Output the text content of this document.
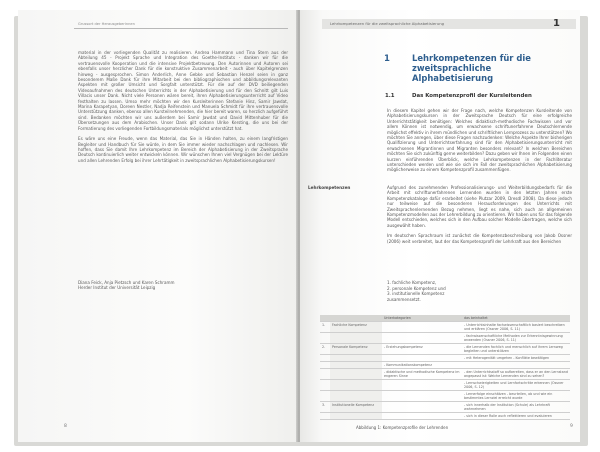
Grussort der Herausgeberinnen

material in der vorliegenden Qualität zu realisieren. Andrea Hammann und Tina Stern aus der Abteilung 45 - Projekt Sprache und Integration des Goethe-Instituts - danken wir für die vertrauensvolle Kooperation und die intensive Projektbetreuung. Den Autorinnen und Autoren sei ebenfalls unser herzlicher Dank für die konstruktive Zusammenarbeit - auch über Kapitelgrenzen hinweg - ausgesprochen. Simon Anderlich, Anne Gebke und Sebastian Henzel seien in ganz besonderem Maße Dank für ihre Mitarbeit bei den bibliographischen und abbildungsrelevanten Aspekten mit großer Umsicht und Sorgfalt unterstützt. Für die auf der DVD beiliegenden Videoaufnahmen des deutschen Unterrichts in der Alphabetisierung und für den Schnitt gilt Luis Villacis unser Dank. Nicht viele Personen wären bereit, ihren Alphabetisierungsunterricht auf Video festhalten zu lassen. Umso mehr möchten wir den Kursleiterinnen Stefanie Hinz, Samir Jawdat, Marina Karapetyan, Doreen Nestler, Nadja Reifenstein und Manuela Schmidt für ihre vertrauensvolle Unterstützung danken, ebenso allen Kursteilnehmenden, die hier bereit waren, so herzlich aufgeführt sind. Bedanken möchten wir uns außerdem bei Samir Jawdat und David Mittenhuber für die Übersetzungen aus dem Arabischen. Unser Dank gilt sodann Ulrike Kersting, die uns bei der Formatierung des vorliegenden Fortbildungsmaterials möglichst unterstützt hat.

Es wäre uns eine Freude, wenn das Material, das Sie in Händen halten, zu einem langfristigen Begleiter und Handbuch für Sie würde, in dem Sie immer wieder nachschlagen und nachlesen. Wir hoffen, dass Sie damit Ihre Lehrkompetenz im Bereich der Alphabetisierung in der Zweitsprache Deutsch kontinuierlich weiter entwickeln können. Wir wünschen Ihnen viel Vergnügen bei der Lektüre und allen Lehrenden Erfolg bei ihrer Lehrtätigkeit in zweitsprachlichen Alphabetisierungskursen!

Diana Feick, Anja Pietzsch und Karen Schramm
Herder Institut der Universität Leipzig
8
Lehrkompetenzen für die zweitsprachliche Alphabetisierung	1
1	Lehrkompetenzen für die zweitsprachliche Alphabetisierung
1.1	Das Kompetenzprofil der Kursleitenden

In diesem Kapitel gehen wir der Frage nach, welche Kompetenzen Kursleitende von Alphabetisierungskursen in der Zweitsprache Deutsch für eine erfolgreiche Unterrichtstätigkeit benötigen: Welches didaktisch-methodische Fachwissen und vor allem Können ist notwendig, um erwachsene schriftunerfahrene Deutschlernende möglichst effektiv in ihrem mündlichen und schriftlichen Lernprozess zu unterstützen? Wo möchten Sie anregen, über diese Fragen nachzudenken: Welche Aspekte Ihrer bisherigen Qualifizierung und Unterrichtserfahrung sind für den Alphabetisierungsunterricht mit erwachsenen Migrantinnen und Migranten besonders relevant? In welchen Bereichen möchten Sie sich zukünftig gerne weiterbilden? Dazu geben wir Ihnen im Folgenden einen kurzen einführenden Überblick, welche Lehrkompetenzen in der Fachliteratur unterschieden werden und wie sie sich im Fall der zweitsprachlichen Alphabetisierung möglicherweise zu einem Kompetenzprofil zusammenfügen.

Lehrkompetenzen	Aufgrund des zunehmenden Professionalisierungs- und Weiterbildungsbedarfs für die Arbeit mit schriftunerfahrenen Lernenden wurden in den letzten Jahren erste Kompetenzkataloge dafür erarbeitet (siehe Plutzar 2009, Dresdl 2008). Da diese jedoch nur teilweise auf die besonderen Herausforderungen des Unterrichts mit Zweitsprachenlernenden Bezug nehmen, liegt es nahe, sich auch an allgemeinen Kompetenzmodellen aus der Lehrerbildung zu orientieren. Wir haben uns für das folgende Modell entschieden, welches sich in den Aufbau solcher Modelle übertragen, welche sich ausgewählt haben.

Im deutschen Sprachraum ist zunächst die Kompetenzbeschreibung von Jakob Ossner (2006) weit verbreitet, laut der das Kompetenzprofil der Lehrkraft aus den Bereichen

1. fachliche Kompetenz,
2. personale Kompetenz und
3. institutionelle Kompetenz
zusammensetzt.
		Unterkategorien	das beinhaltet
1.	Fachliche Kompetenz		- Unterrichtsinhalte fachwissenschaftlich basiert beschreiben und erklären (Ossner 2006, S. 11)
			- fachwissenschaftliche Methoden zur Erkenntnisgewinnung anwenden (Ossner 2006, S. 11)
2.	Personale Kompetenz	- Erziehungskompetenz	- die Lernenden fachlich und menschlich auf ihrem Lernweg begleiten und unterstützen
			- mit Heterogenität umgehen - Konflikte bewältigen
		- Kommunikationskompetenz	
		- didaktische und methodische Kompetenz im engeren Sinne	- den Unterrichtsstoff so aufbereiten, dass er an den Lernstand angepasst ist: Welche Lernenden sind zu sehen?
			- Lernschwierigkeiten und Lernfortschritte erkennen (Ossner 2006, S. 12)
			- Lernerfolge einschätzen - beurteilen, ob und wie ein bestimmtes Lernziel erreicht wurde
3.	Institutionelle Kompetenz		- sich innerhalb der Institution (Schule) als Lehrkraft wahrnehmen
			- sich in dieser Rolle auch reflektieren und evaluieren
Abbildung 1: Kompetenzprofile der Lehrenden	9
